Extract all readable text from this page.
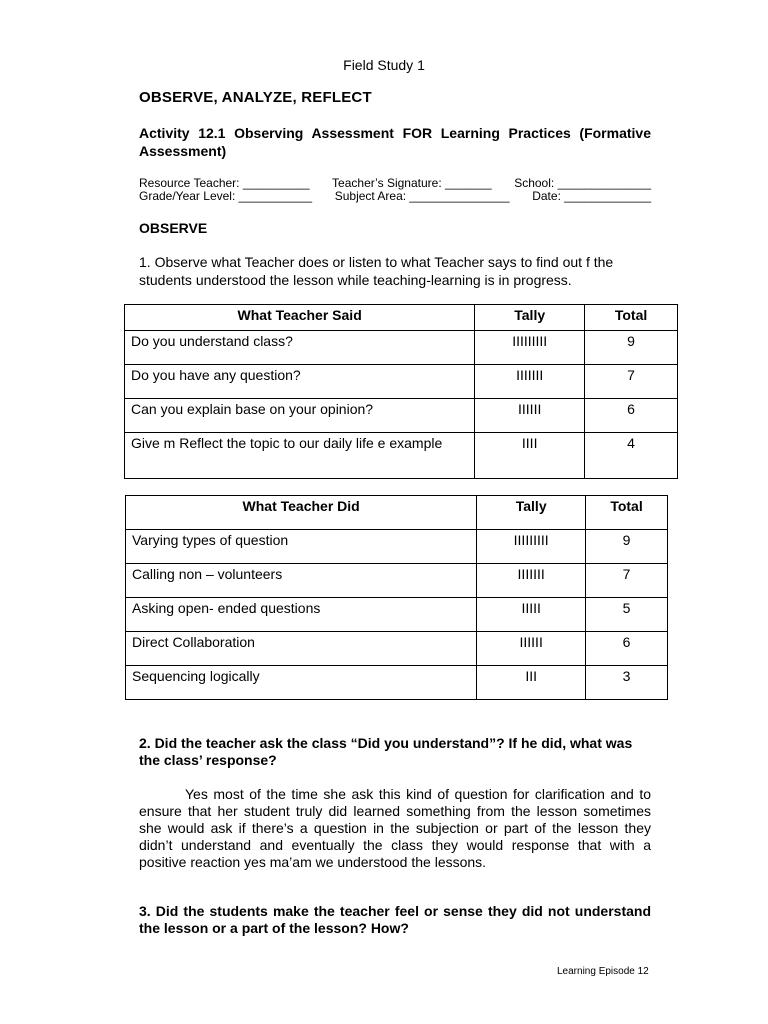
Field Study 1
OBSERVE, ANALYZE, REFLECT
Activity 12.1 Observing Assessment FOR Learning Practices (Formative Assessment)
Resource Teacher: __________ Teacher’s Signature: _______ School: ______________
Grade/Year Level: ___________ Subject Area: _______________ Date: _____________
OBSERVE
1. Observe what Teacher does or listen to what Teacher says to find out f the students understood the lesson while teaching-learning is in progress.
What Teacher Said	Tally	Total
Do you understand class?	IIIIIIIII	9
Do you have any question?	IIIIIII	7
Can you explain base on your opinion?	IIIIII	6
Give m Reflect the topic to our daily life e example	IIII	4
What Teacher Did	Tally	Total
Varying types of question	IIIIIIIII	9
Calling non – volunteers	IIIIIII	7
Asking open- ended questions	IIIII	5
Direct Collaboration	IIIIII	6
Sequencing logically	III	3
2. Did the teacher ask the class “Did you understand”? If he did, what was the class’ response?
Yes most of the time she ask this kind of question for clarification and to ensure that her student truly did learned something from the lesson sometimes she would ask if there’s a question in the subjection or part of the lesson they didn’t understand and eventually the class they would response that with a positive reaction yes ma’am we understood the lessons.
3. Did the students make the teacher feel or sense they did not understand the lesson or a part of the lesson? How?
Learning Episode 12
